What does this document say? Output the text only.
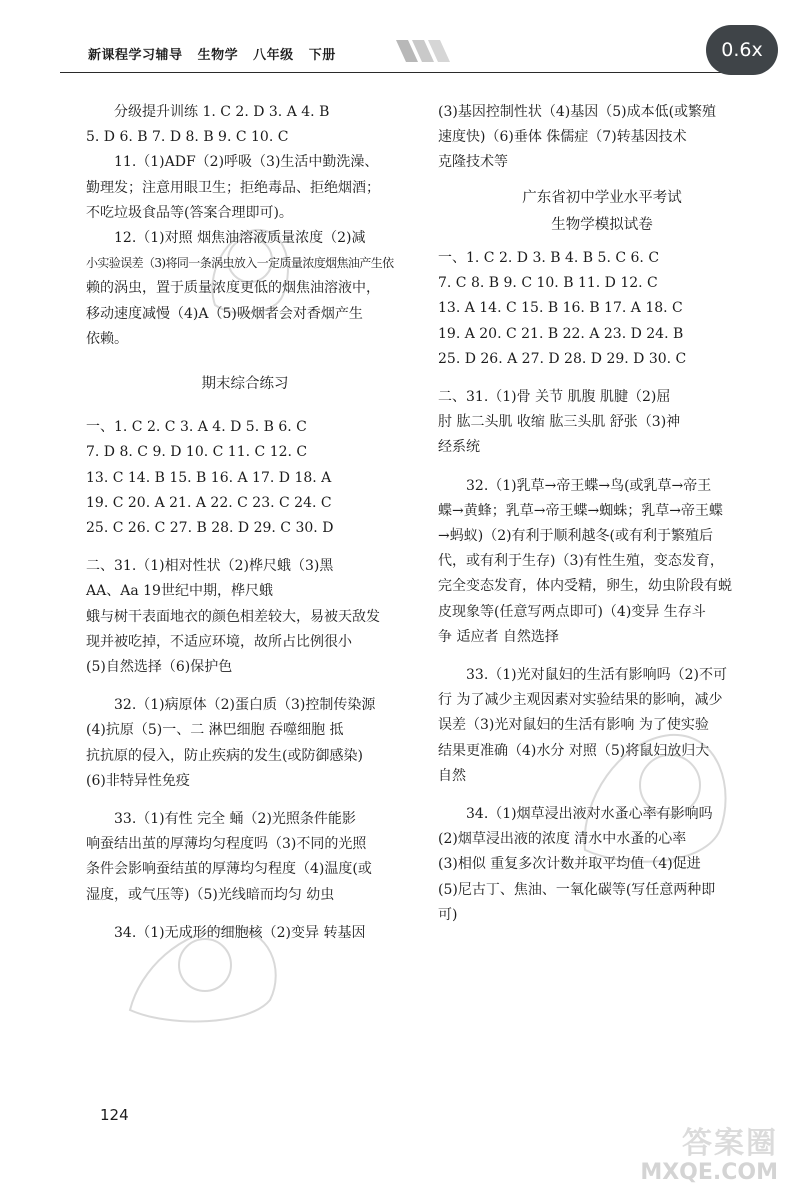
新课程学习辅导   生物学   八年级   下册	0.6x

分级提升训练 1. C 2. D 3. A 4. B

5. D 6. B 7. D 8. B 9. C 10. C

11.（1)ADF（2)呼吸（3)生活中勤洗澡、

勤理发；注意用眼卫生；拒绝毒品、拒绝烟酒；

不吃垃圾食品等(答案合理即可)。

12.（1)对照 烟焦油溶液质量浓度（2)减

小实验误差（3)将同一条涡虫放入一定质量浓度烟焦油产生依

赖的涡虫，置于质量浓度更低的烟焦油溶液中，

移动速度减慢（4)A（5)吸烟者会对香烟产生

依赖。

期末综合练习

一、1. C 2. C 3. A 4. D 5. B 6. C

7. D 8. C 9. D 10. C 11. C 12. C

13. C 14. B 15. B 16. A 17. D 18. A

19. C 20. A 21. A 22. C 23. C 24. C

25. C 26. C 27. B 28. D 29. C 30. D

二、31.（1)相对性状（2)桦尺蛾（3)黑

AA、Aa 19世纪中期，桦尺蛾

蛾与树干表面地衣的颜色相差较大，易被天敌发

现并被吃掉，不适应环境，故所占比例很小

(5)自然选择（6)保护色

32.（1)病原体（2)蛋白质（3)控制传染源

(4)抗原（5)一、二 淋巴细胞 吞噬细胞 抵

抗抗原的侵入，防止疾病的发生(或防御感染)

(6)非特异性免疫

33.（1)有性 完全 蛹（2)光照条件能影

响蚕结出茧的厚薄均匀程度吗（3)不同的光照

条件会影响蚕结茧的厚薄均匀程度（4)温度(或

湿度，或气压等)（5)光线暗而均匀 幼虫

34.（1)无成形的细胞核（2)变异 转基因

(3)基因控制性状（4)基因（5)成本低(或繁殖

速度快)（6)垂体 侏儒症（7)转基因技术

克隆技术等

广东省初中学业水平考试

生物学模拟试卷

一、1. C 2. D 3. B 4. B 5. C 6. C

7. C 8. B 9. C 10. B 11. D 12. C

13. A 14. C 15. B 16. B 17. A 18. C

19. A 20. C 21. B 22. A 23. D 24. B

25. D 26. A 27. D 28. D 29. D 30. C

二、31.（1)骨 关节 肌腹 肌腱（2)屈

肘 肱二头肌 收缩 肱三头肌 舒张（3)神

经系统

32.（1)乳草→帝王蝶→鸟(或乳草→帝王

蝶→黄蜂；乳草→帝王蝶→蜘蛛；乳草→帝王蝶

→蚂蚁)（2)有利于顺利越冬(或有利于繁殖后

代，或有利于生存)（3)有性生殖，变态发育，

完全变态发育，体内受精，卵生，幼虫阶段有蜕

皮现象等(任意写两点即可)（4)变异 生存斗

争 适应者 自然选择

33.（1)光对鼠妇的生活有影响吗（2)不可

行 为了减少主观因素对实验结果的影响，减少

误差（3)光对鼠妇的生活有影响 为了使实验

结果更准确（4)水分 对照（5)将鼠妇放归大

自然

34.（1)烟草浸出液对水蚤心率有影响吗

(2)烟草浸出液的浓度 清水中水蚤的心率

(3)相似 重复多次计数并取平均值（4)促进

(5)尼古丁、焦油、一氧化碳等(写任意两种即

可)

124
答案圈
MXQE.COM
